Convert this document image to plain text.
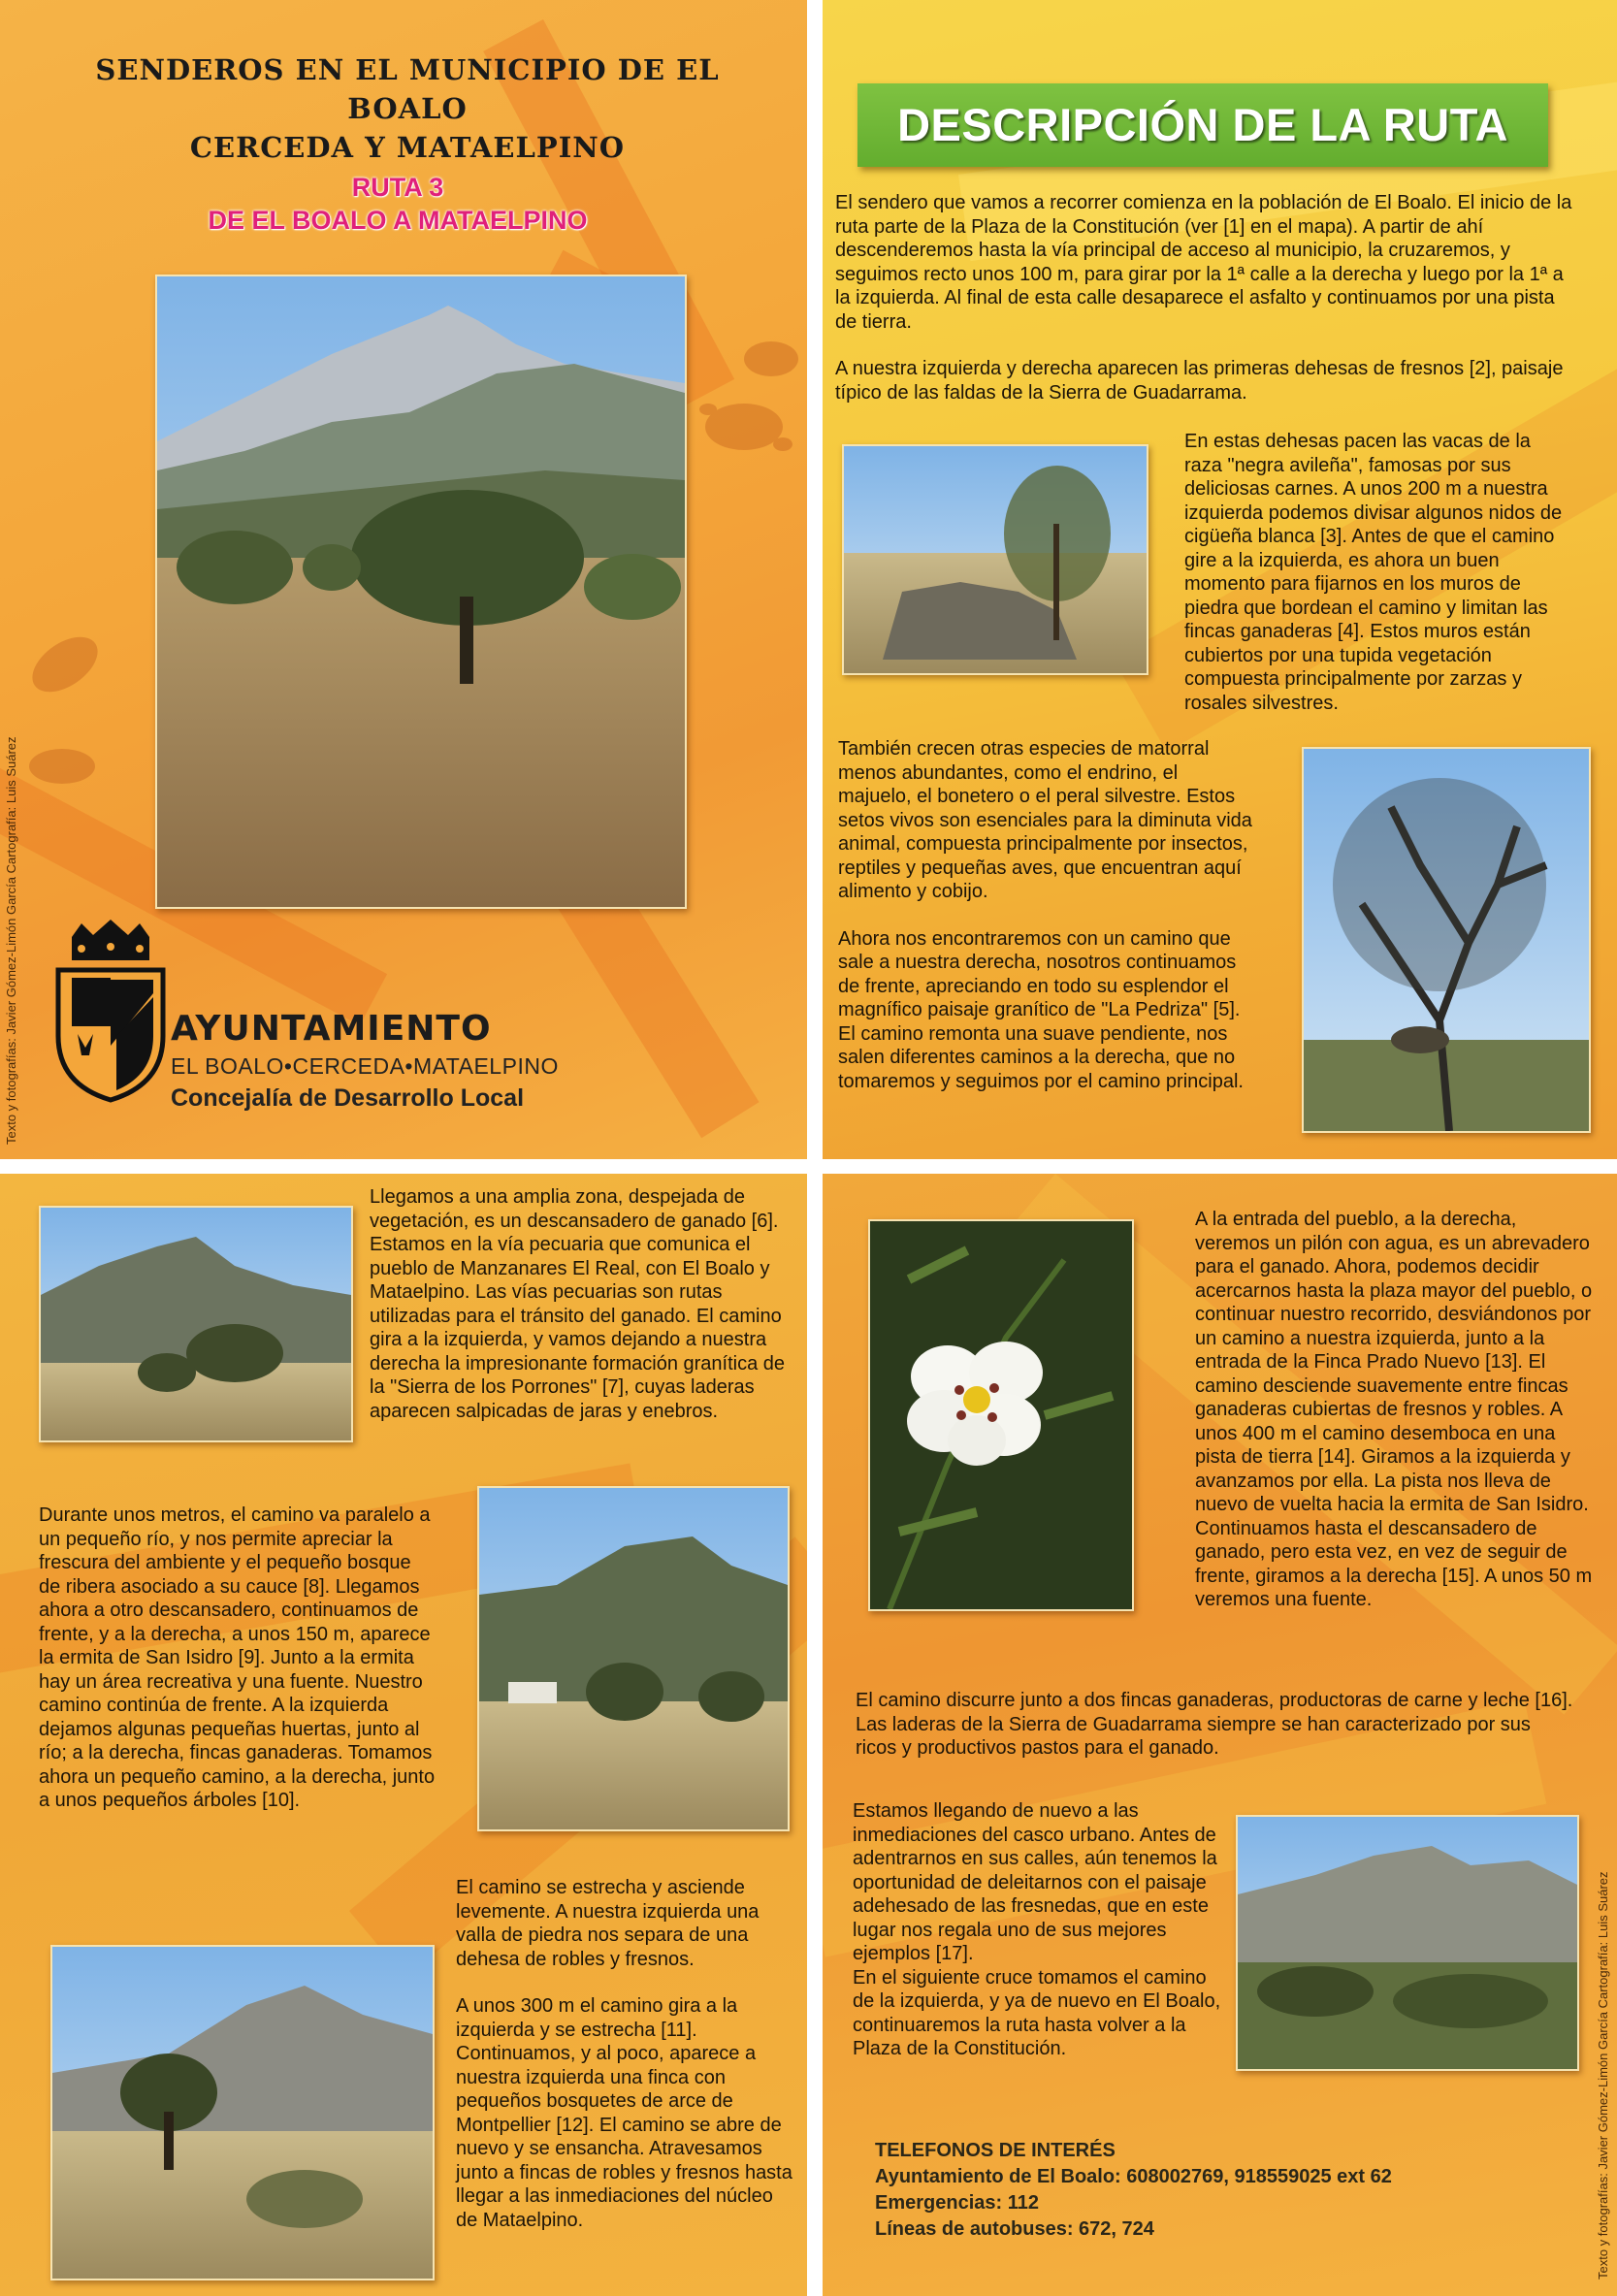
SENDEROS EN EL MUNICIPIO DE EL BOALO
CERCEDA Y MATAELPINO
RUTA 3
DE EL BOALO A MATAELPINO
Texto y fotografías: Javier Gómez-Limón García Cartografía: Luis Suárez	AYUNTAMIENTO
EL BOALO•CERCEDA•MATAELPINO
Concejalía de Desarrollo Local
DESCRIPCIÓN DE LA RUTA

El sendero que vamos a recorrer comienza en la población de El Boalo. El inicio de la ruta parte de la Plaza de la Constitución (ver [1] en el mapa). A partir de ahí descenderemos hasta la vía principal de acceso al municipio, la cruzaremos, y seguimos recto unos 100 m, para girar por la 1ª calle a la derecha y luego por la 1ª a la izquierda. Al final de esta calle desaparece el asfalto y continuamos por una pista de tierra.

A nuestra izquierda y derecha aparecen las primeras dehesas de fresnos [2], paisaje típico de las faldas de la Sierra de Guadarrama.

En estas dehesas pacen las vacas de la raza "negra avileña", famosas por sus deliciosas carnes. A unos 200 m a nuestra izquierda podemos divisar algunos nidos de cigüeña blanca [3]. Antes de que el camino gire a la izquierda, es ahora un buen momento para fijarnos en los muros de piedra que bordean el camino y limitan las fincas ganaderas [4]. Estos muros están cubiertos por una tupida vegetación compuesta principalmente por zarzas y rosales silvestres.

También crecen otras especies de matorral menos abundantes, como el endrino, el majuelo, el bonetero o el peral silvestre. Estos setos vivos son esenciales para la diminuta vida animal, compuesta principalmente por insectos, reptiles y pequeñas aves, que encuentran aquí alimento y cobijo.

Ahora nos encontraremos con un camino que sale a nuestra derecha, nosotros continuamos de frente, apreciando en todo su esplendor el magnífico paisaje granítico de "La Pedriza" [5]. El camino remonta una suave pendiente, nos salen diferentes caminos a la derecha, que no tomaremos y seguimos por el camino principal.

Llegamos a una amplia zona, despejada de vegetación, es un descansadero de ganado [6]. Estamos en la vía pecuaria que comunica el pueblo de Manzanares El Real, con El Boalo y Mataelpino. Las vías pecuarias son rutas utilizadas para el tránsito del ganado. El camino gira a la izquierda, y vamos dejando a nuestra derecha la impresionante formación granítica de la "Sierra de los Porrones" [7], cuyas laderas aparecen salpicadas de jaras y enebros.

Durante unos metros, el camino va paralelo a un pequeño río, y nos permite apreciar la frescura del ambiente y el pequeño bosque de ribera asociado a su cauce [8]. Llegamos ahora a otro descansadero, continuamos de frente, y a la derecha, a unos 150 m, aparece la ermita de San Isidro [9]. Junto a la ermita hay un área recreativa y una fuente. Nuestro camino continúa de frente. A la izquierda dejamos algunas pequeñas huertas, junto al río; a la derecha, fincas ganaderas. Tomamos ahora un pequeño camino, a la derecha, junto a unos pequeños árboles [10].

El camino se estrecha y asciende levemente. A nuestra izquierda una valla de piedra nos separa de una dehesa de robles y fresnos.

A unos 300 m el camino gira a la izquierda y se estrecha [11]. Continuamos, y al poco, aparece a nuestra izquierda una finca con pequeños bosquetes de arce de Montpellier [12]. El camino se abre de nuevo y se ensancha. Atravesamos junto a fincas de robles y fresnos hasta llegar a las inmediaciones del núcleo de Mataelpino.

A la entrada del pueblo, a la derecha, veremos un pilón con agua, es un abrevadero para el ganado. Ahora, podemos decidir acercarnos hasta la plaza mayor del pueblo, o continuar nuestro recorrido, desviándonos por un camino a nuestra izquierda, junto a la entrada de la Finca Prado Nuevo [13]. El camino desciende suavemente entre fincas ganaderas cubiertas de fresnos y robles. A unos 400 m el camino desemboca en una pista de tierra [14]. Giramos a la izquierda y avanzamos por ella. La pista nos lleva de nuevo de vuelta hacia la ermita de San Isidro. Continuamos hasta el descansadero de ganado, pero esta vez, en vez de seguir de frente, giramos a la derecha [15]. A unos 50 m veremos una fuente.

El camino discurre junto a dos fincas ganaderas, productoras de carne y leche [16]. Las laderas de la Sierra de Guadarrama siempre se han caracterizado por sus ricos y productivos pastos para el ganado.

Estamos llegando de nuevo a las inmediaciones del casco urbano. Antes de adentrarnos en sus calles, aún tenemos la oportunidad de deleitarnos con el paisaje adehesado de las fresnedas, que en este lugar nos regala uno de sus mejores ejemplos [17].

En el siguiente cruce tomamos el camino de la izquierda, y ya de nuevo en El Boalo, continuaremos la ruta hasta volver a la Plaza de la Constitución.

TELEFONOS DE INTERÉS
Ayuntamiento de El Boalo: 608002769, 918559025 ext 62
Emergencias: 112
Líneas de autobuses: 672, 724	Texto y fotografías: Javier Gómez-Limón García Cartografía: Luis Suárez
